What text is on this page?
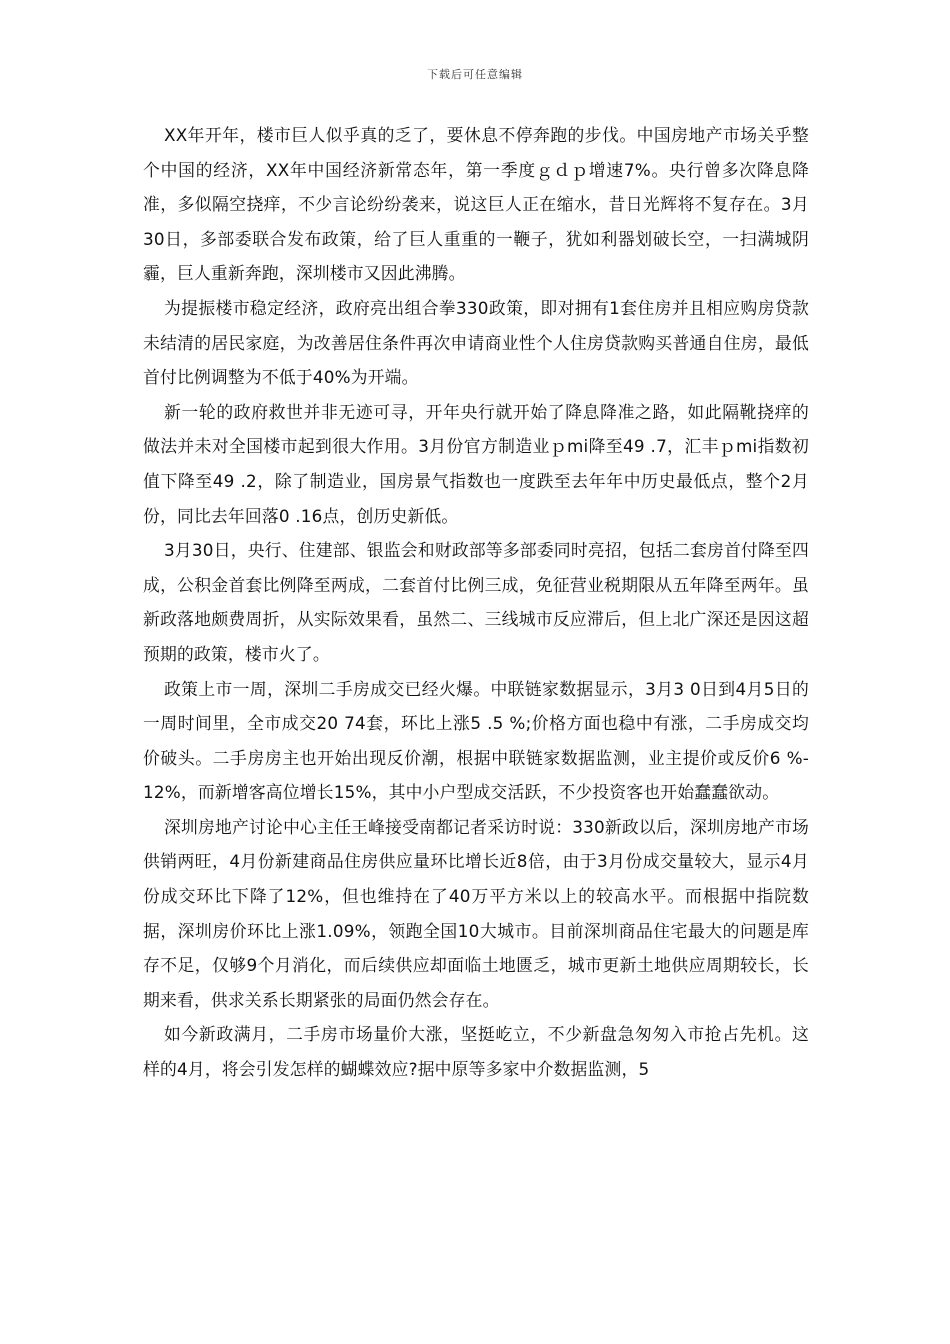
下载后可任意编辑

XX年开年，楼市巨人似乎真的乏了，要休息不停奔跑的步伐。中国房地产市场关乎整个中国的经济，XX年中国经济新常态年，第一季度ｇｄｐ增速7%。央行曾多次降息降准，多似隔空挠痒，不少言论纷纷袭来，说这巨人正在缩水，昔日光辉将不复存在。3月30日，多部委联合发布政策，给了巨人重重的一鞭子，犹如利器划破长空，一扫满城阴霾，巨人重新奔跑，深圳楼市又因此沸腾。

为提振楼市稳定经济，政府亮出组合拳330政策，即对拥有1套住房并且相应购房贷款未结清的居民家庭，为改善居住条件再次申请商业性个人住房贷款购买普通自住房，最低首付比例调整为不低于40%为开端。

新一轮的政府救世并非无迹可寻，开年央行就开始了降息降准之路，如此隔靴挠痒的做法并未对全国楼市起到很大作用。3月份官方制造业ｐmi降至49 .7，汇丰ｐmi指数初值下降至49 .2，除了制造业，国房景气指数也一度跌至去年年中历史最低点，整个2月份，同比去年回落0 .16点，创历史新低。

3月30日，央行、住建部、银监会和财政部等多部委同时亮招，包括二套房首付降至四成，公积金首套比例降至两成，二套首付比例三成，免征营业税期限从五年降至两年。虽新政落地颇费周折，从实际效果看，虽然二、三线城市反应滞后，但上北广深还是因这超预期的政策，楼市火了。

政策上市一周，深圳二手房成交已经火爆。中联链家数据显示，3月3 0日到4月5日的一周时间里，全市成交20 74套，环比上涨5 .5 %;价格方面也稳中有涨，二手房成交均价破头。二手房房主也开始出现反价潮，根据中联链家数据监测，业主提价或反价6 %- 12%，而新增客高位增长15%，其中小户型成交活跃，不少投资客也开始蠢蠢欲动。

深圳房地产讨论中心主任王峰接受南都记者采访时说：330新政以后，深圳房地产市场供销两旺，4月份新建商品住房供应量环比增长近8倍，由于3月份成交量较大，显示4月份成交环比下降了12%，但也维持在了40万平方米以上的较高水平。而根据中指院数据，深圳房价环比上涨1.09%，领跑全国10大城市。目前深圳商品住宅最大的问题是库存不足，仅够9个月消化，而后续供应却面临土地匮乏，城市更新土地供应周期较长，长期来看，供求关系长期紧张的局面仍然会存在。

如今新政满月，二手房市场量价大涨，坚挺屹立，不少新盘急匆匆入市抢占先机。这样的4月，将会引发怎样的蝴蝶效应?据中原等多家中介数据监测，5
